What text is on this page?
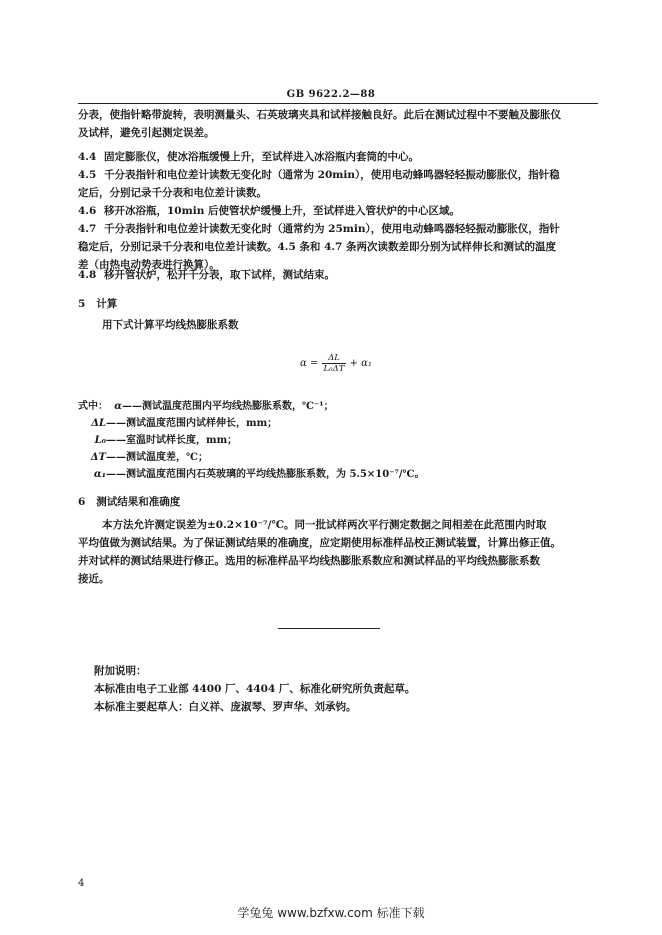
GB 9622.2—88
分表，使指针略带旋转，表明测量头、石英玻璃夹具和试样接触良好。此后在测试过程中不要触及膨胀仪
及试样，避免引起测定误差。
4.4 固定膨胀仪，使冰浴瓶缓慢上升，至试样进入冰浴瓶内套筒的中心。
4.5 千分表指针和电位差计读数无变化时（通常为 20min），使用电动蜂鸣器轻轻振动膨胀仪，指针稳
定后，分别记录千分表和电位差计读数。
4.6 移开冰浴瓶，10min 后使管状炉缓慢上升，至试样进入管状炉的中心区域。
4.7 千分表指针和电位差计读数无变化时（通常约为 25min），使用电动蜂鸣器轻轻振动膨胀仪，指针
稳定后，分别记录千分表和电位差计读数。4.5 条和 4.7 条两次读数差即分别为试样伸长和测试的温度
差（由热电动势表进行换算）。
4.8 移开管状炉，松开千分表，取下试样，测试结束。
5 计算
用下式计算平均线热膨胀系数
$\alpha = \frac{\Delta L}{\text{L₀ΔT}} + \alpha_1$
式中： α——测试温度范围内平均线热膨胀系数，℃⁻¹；
ΔL——测试温度范围内试样伸长，mm；
L₀——室温时试样长度，mm；
ΔT——测试温度差，℃；
α₁——测试温度范围内石英玻璃的平均线热膨胀系数，为 5.5×10⁻⁷/℃。
6 测试结果和准确度
本方法允许测定误差为±0.2×10⁻⁷/℃。同一批试样两次平行测定数据之间相差在此范围内时取
平均值做为测试结果。为了保证测试结果的准确度，应定期使用标准样品校正测试装置，计算出修正值。
并对试样的测试结果进行修正。选用的标准样品平均线热膨胀系数应和测试样品的平均线热膨胀系数
接近。
附加说明：
本标准由电子工业部 4400 厂、4404 厂、标准化研究所负责起草。
本标准主要起草人：白义祥、庞淑琴、罗声华、刘承钧。
4
学兔兔 www.bzfxw.com 标准下载
